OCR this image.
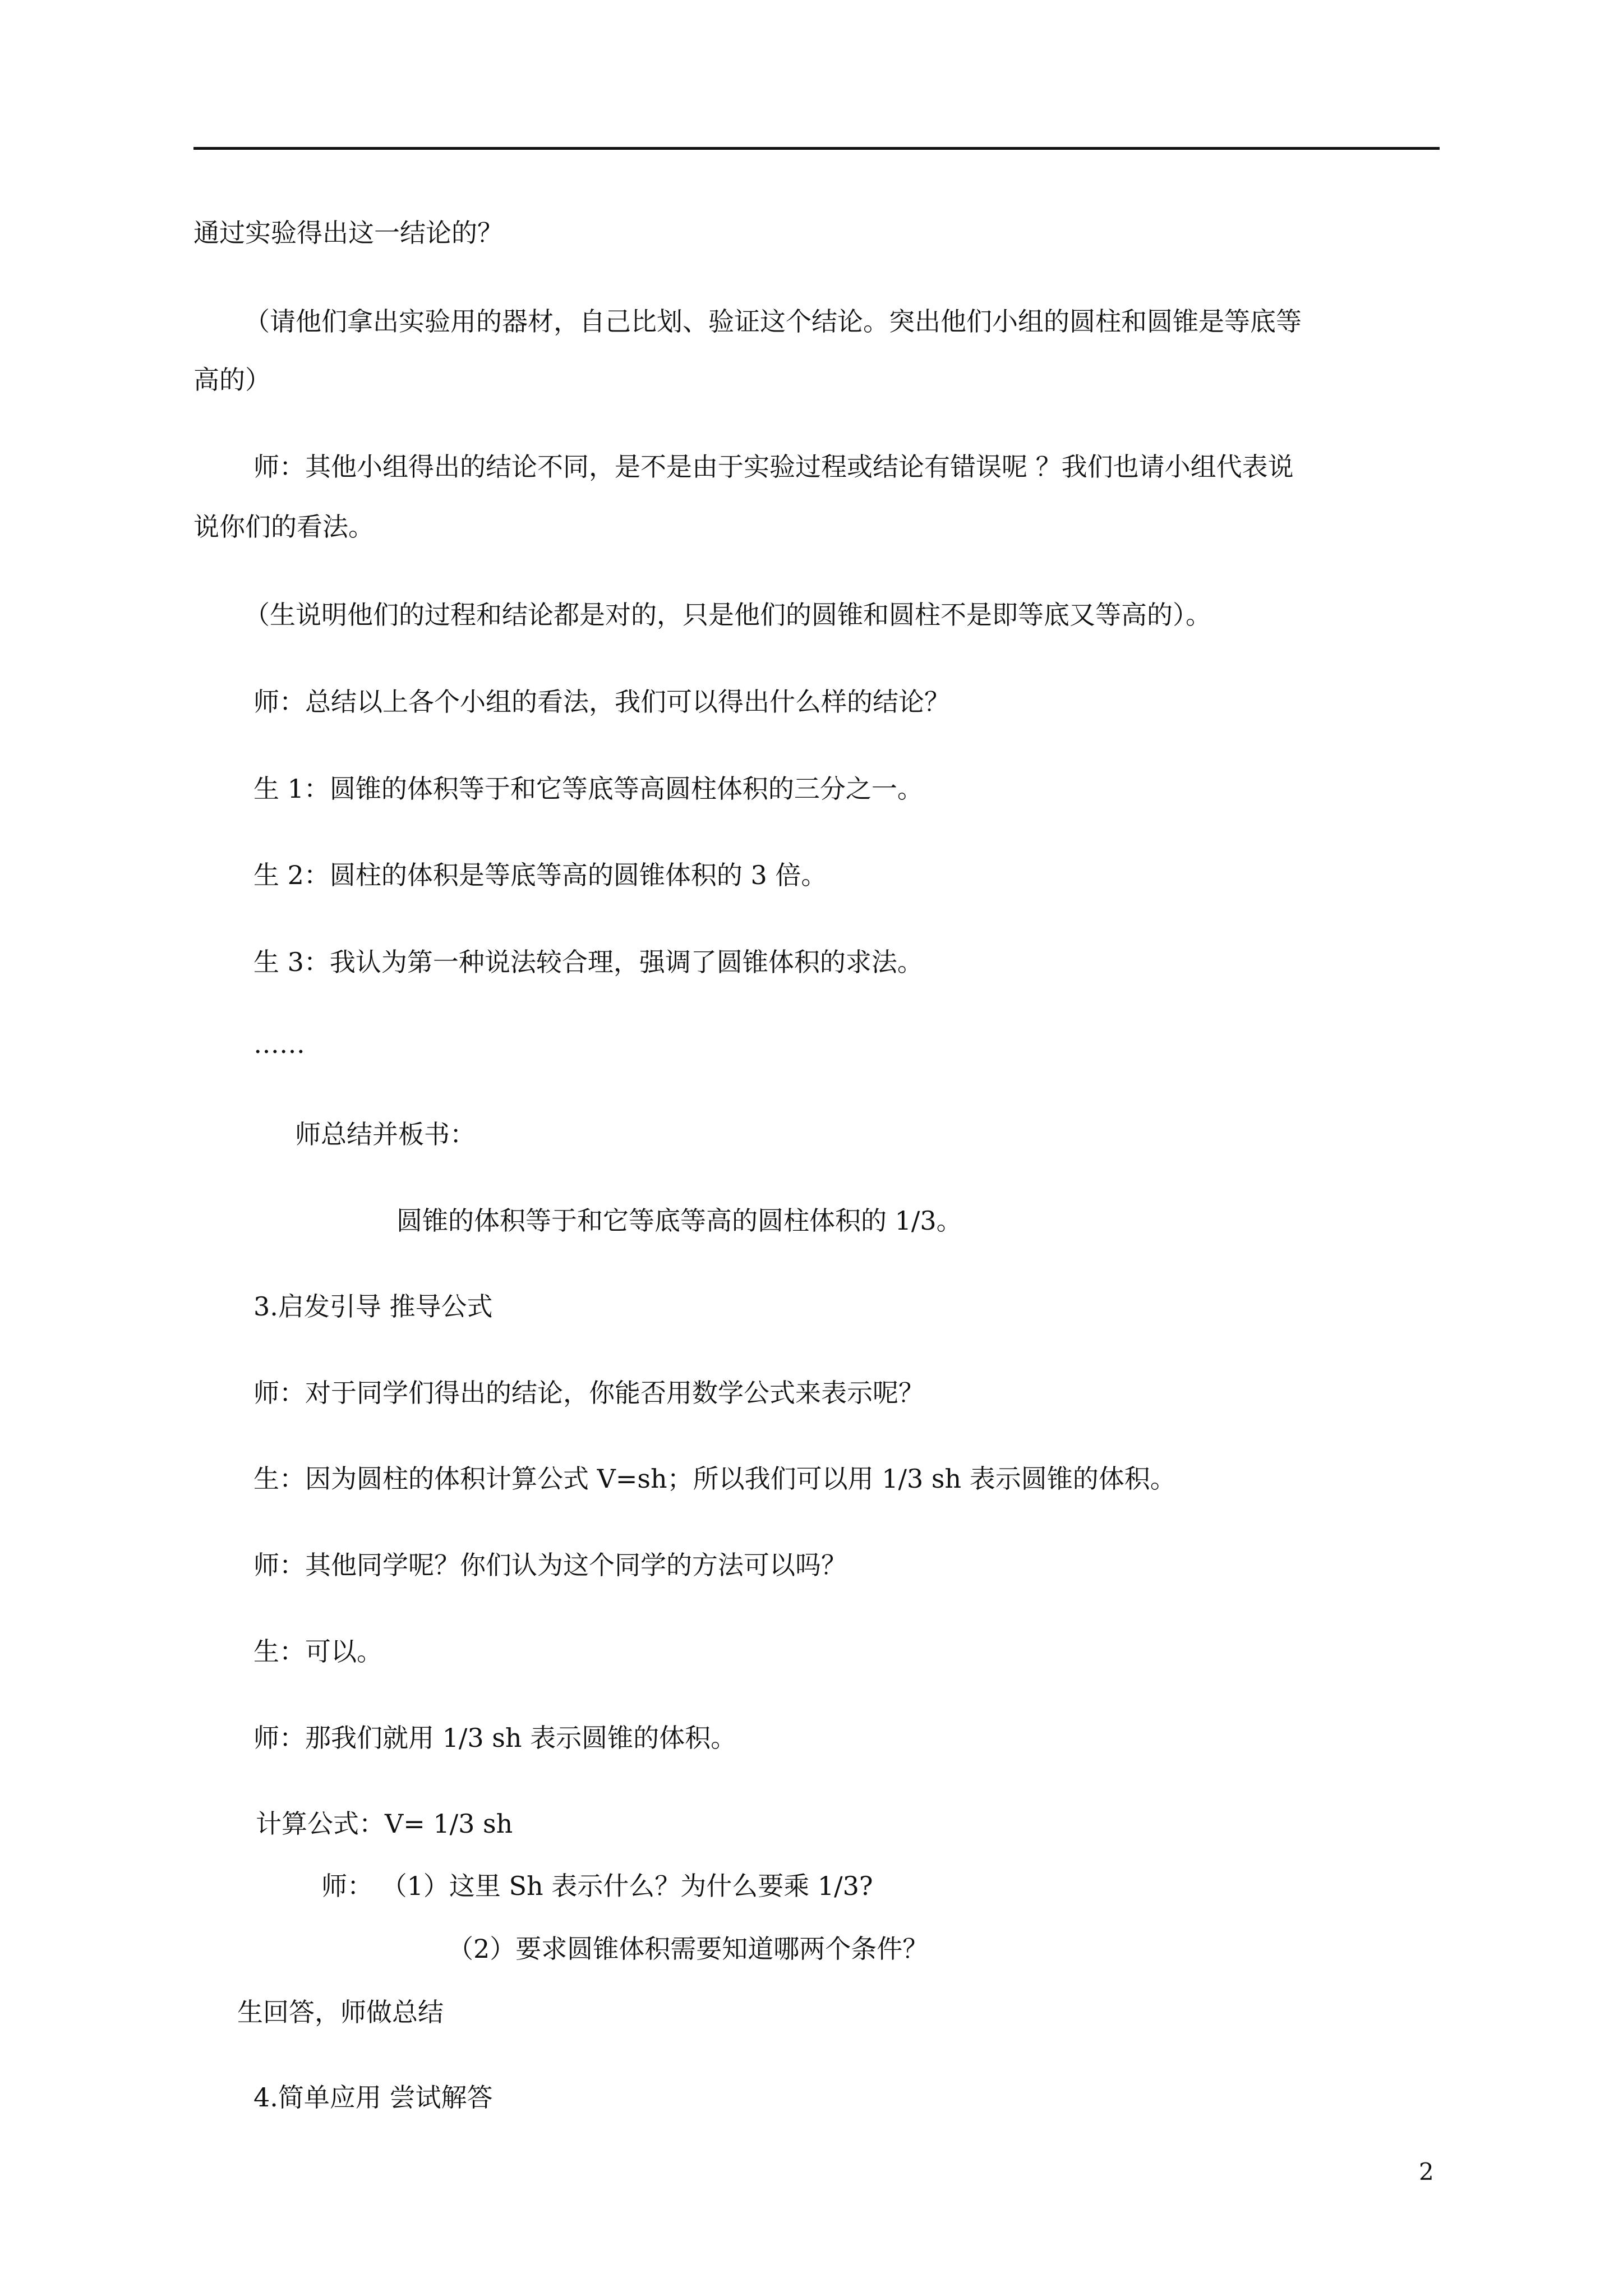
通过实验得出这一结论的？

（请他们拿出实验用的器材，自己比划、验证这个结论。突出他们小组的圆柱和圆锥是等底等

高的）

师：其他小组得出的结论不同，是不是由于实验过程或结论有错误呢 ？我们也请小组代表说

说你们的看法。

（生说明他们的过程和结论都是对的，只是他们的圆锥和圆柱不是即等底又等高的）。

师：总结以上各个小组的看法，我们可以得出什么样的结论？

生 1：圆锥的体积等于和它等底等高圆柱体积的三分之一。

生 2：圆柱的体积是等底等高的圆锥体积的 3 倍。

生 3：我认为第一种说法较合理，强调了圆锥体积的求法。

……

师总结并板书：

圆锥的体积等于和它等底等高的圆柱体积的 1/3。

3.启发引导 推导公式

师：对于同学们得出的结论，你能否用数学公式来表示呢？

生：因为圆柱的体积计算公式 V=sh；所以我们可以用 1/3 sh 表示圆锥的体积。

师：其他同学呢？你们认为这个同学的方法可以吗？

生：可以。

师：那我们就用 1/3 sh 表示圆锥的体积。

计算公式：V= 1/3 sh

师： （1）这里 Sh 表示什么？为什么要乘 1/3?

（2）要求圆锥体积需要知道哪两个条件？

生回答，师做总结

4.简单应用 尝试解答

2
